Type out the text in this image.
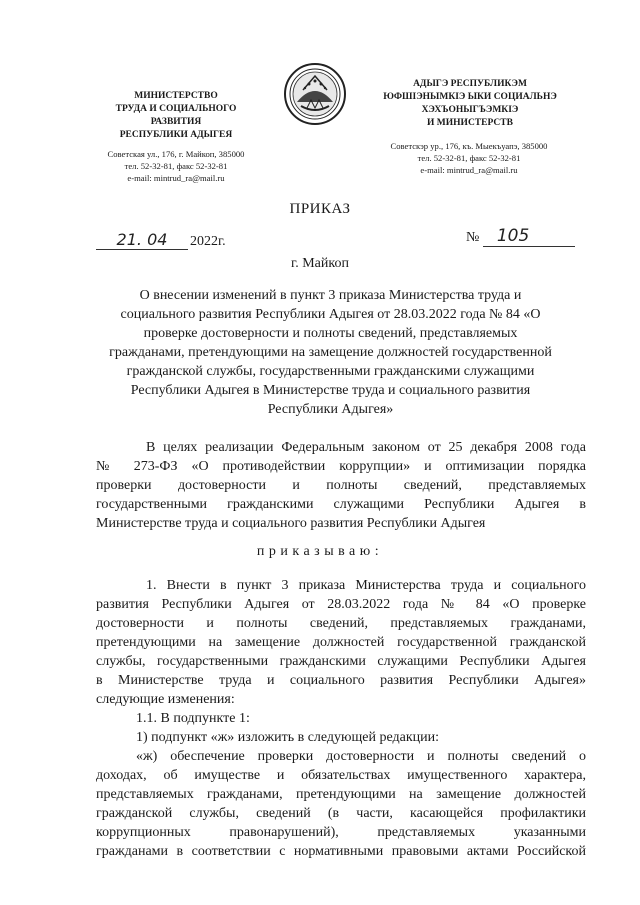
МИНИСТЕРСТВО
ТРУДА И СОЦИАЛЬНОГО
РАЗВИТИЯ
РЕСПУБЛИКИ АДЫГЕЯ
Советская ул., 176, г. Майкоп, 385000
тел. 52-32-81, факс 52-32-81
e-mail: mintrud_ra@mail.ru
АДЫГЭ РЕСПУБЛИКЭМ
ЮФШІЭНЫМКІЭ ЫКИ СОЦИАЛЬНЭ
ХЭХЪОНЫГЪЭМКІЭ
И МИНИСТЕРСТВ
Советскэр ур., 176, къ. Мыекъуапэ, 385000
тел. 52-32-81, факс 52-32-81
e-mail: mintrud_ra@mail.ru
ПРИКАЗ
21. 04 2022г.	№ 105
г. Майкоп
О внесении изменений в пункт 3 приказа Министерства труда и
социального развития Республики Адыгея от 28.03.2022 года № 84 «О
проверке достоверности и полноты сведений, представляемых
гражданами, претендующими на замещение должностей государственной
гражданской службы, государственными гражданскими служащими
Республики Адыгея в Министерстве труда и социального развития
Республики Адыгея»
В целях реализации Федеральным законом от 25 декабря 2008 года
№ 273-ФЗ «О противодействии коррупции» и оптимизации порядка
проверки достоверности и полноты сведений, представляемых
государственными гражданскими служащими Республики Адыгея в
Министерстве труда и социального развития Республики Адыгея
приказываю:
1. Внести в пункт 3 приказа Министерства труда и социального
развития Республики Адыгея от 28.03.2022 года № 84 «О проверке
достоверности и полноты сведений, представляемых гражданами,
претендующими на замещение должностей государственной гражданской
службы, государственными гражданскими служащими Республики Адыгея
в Министерстве труда и социального развития Республики Адыгея»
следующие изменения:
1.1. В подпункте 1:
1) подпункт «ж» изложить в следующей редакции:
«ж) обеспечение проверки достоверности и полноты сведений о
доходах, об имуществе и обязательствах имущественного характера,
представляемых гражданами, претендующими на замещение должностей
гражданской службы, сведений (в части, касающейся профилактики
коррупционных правонарушений), представляемых указанными
гражданами в соответствии с нормативными правовыми актами Российской
